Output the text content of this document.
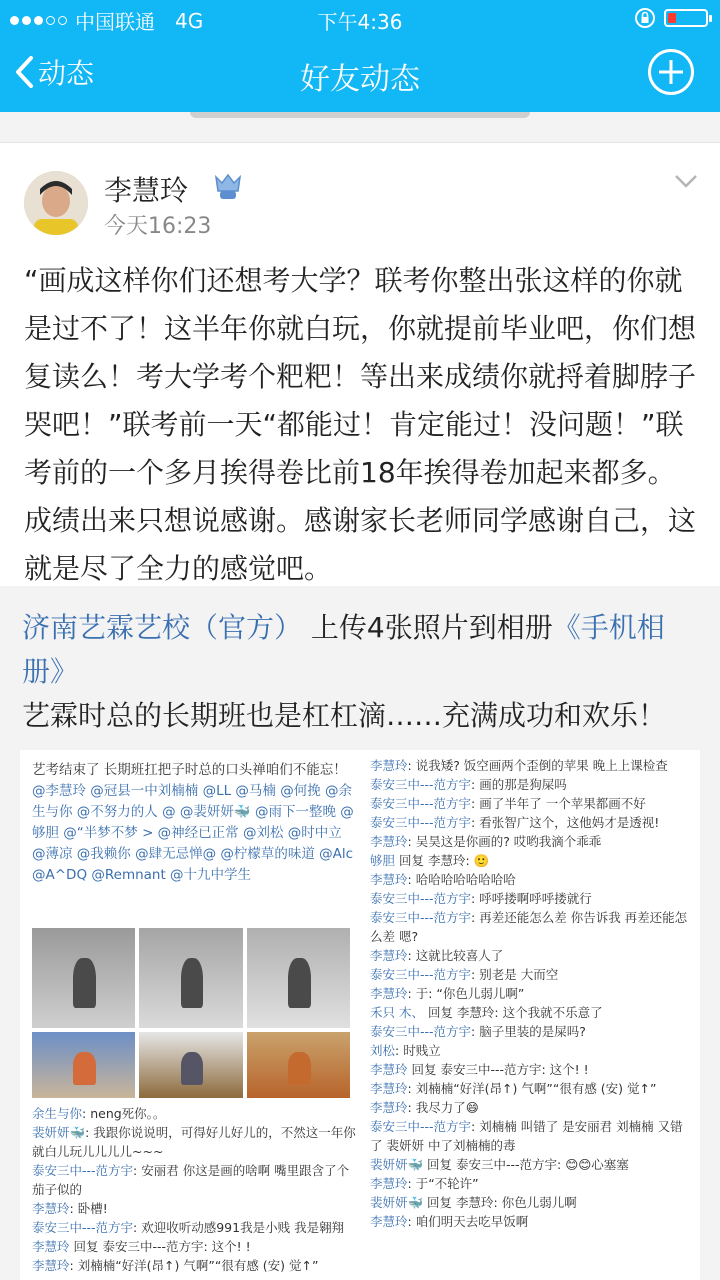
中国联通 4G	下午4:36
动态	好友动态
李慧玲
今天16:23
“画成这样你们还想考大学？联考你整出张这样的你就是过不了！这半年你就白玩，你就提前毕业吧，你们想复读么！考大学考个粑粑！等出来成绩你就捋着脚脖子哭吧！”联考前一天“都能过！肯定能过！没问题！”联考前的一个多月挨得卷比前18年挨得卷加起来都多。成绩出来只想说感谢。感谢家长老师同学感谢自己，这就是尽了全力的感觉吧。
济南艺霖艺校（官方） 上传4张照片到相册《手机相册》
艺霖时总的长期班也是杠杠滴……充满成功和欢乐！
艺考结束了 长期班扛把子时总的口头禅咱们不能忘！@李慧玲 @冠县一中刘楠楠 @LL @马楠 @何挽 @余生与你 @不努力的人 @ @裴妍妍🐳 @雨下一整晚 @够胆 @“半梦不梦 > @神经已正常 @刘松 @时中立 @薄凉 @我赖你 @肆无忌惮@ @柠檬草的味道 @Alc @A^DQ @Remnant @十九中学生
余生与你: neng死你。。
裴妍妍🐳: 我跟你说说明，可得好儿好儿的，不然这一年你就白儿玩儿儿儿儿~~~
泰安三中---范方宇: 安丽君 你这是画的啥啊 嘴里跟含了个茄子似的
李慧玲: 卧槽!
泰安三中---范方宇: 欢迎收听动感991我是小贱 我是翱翔
李慧玲 回复 泰安三中---范方宇: 这个! !
李慧玲: 刘楠楠“好洋(昂↑) 气啊”“很有感 (安) 觉↑”
李慧玲: 说我矮? 饭空画两个歪倒的苹果 晚上上课检查
泰安三中---范方宇: 画的那是狗屎吗
泰安三中---范方宇: 画了半年了 一个苹果都画不好
泰安三中---范方宇: 看张智广这个，这他妈才是透视!
李慧玲: 吴昊这是你画的? 哎哟我滴个乖乖
够胆 回复 李慧玲: 🙂
李慧玲: 哈哈哈哈哈哈哈哈
泰安三中---范方宇: 呼呼搂啊呼呼搂就行
泰安三中---范方宇: 再差还能怎么差 你告诉我 再差还能怎么差 嗯?
李慧玲: 这就比较喜人了
泰安三中---范方宇: 别老是 大而空
李慧玲: 于: “你色儿弱儿啊”
禾只 木、 回复 李慧玲: 这个我就不乐意了
泰安三中---范方宇: 脑子里装的是屎吗?
刘松: 时贱立
李慧玲 回复 泰安三中---范方宇: 这个! !
李慧玲: 刘楠楠“好洋(昂↑) 气啊”“很有感 (安) 觉↑”
李慧玲: 我尽力了😄
泰安三中---范方宇: 刘楠楠 叫错了 是安丽君 刘楠楠 又错了 裴妍妍 中了刘楠楠的毒
裴妍妍🐳 回复 泰安三中---范方宇: 😊😊心塞塞
李慧玲: 于“不轮许”
裴妍妍🐳 回复 李慧玲: 你色儿弱儿啊
李慧玲: 咱们明天去吃早饭啊
